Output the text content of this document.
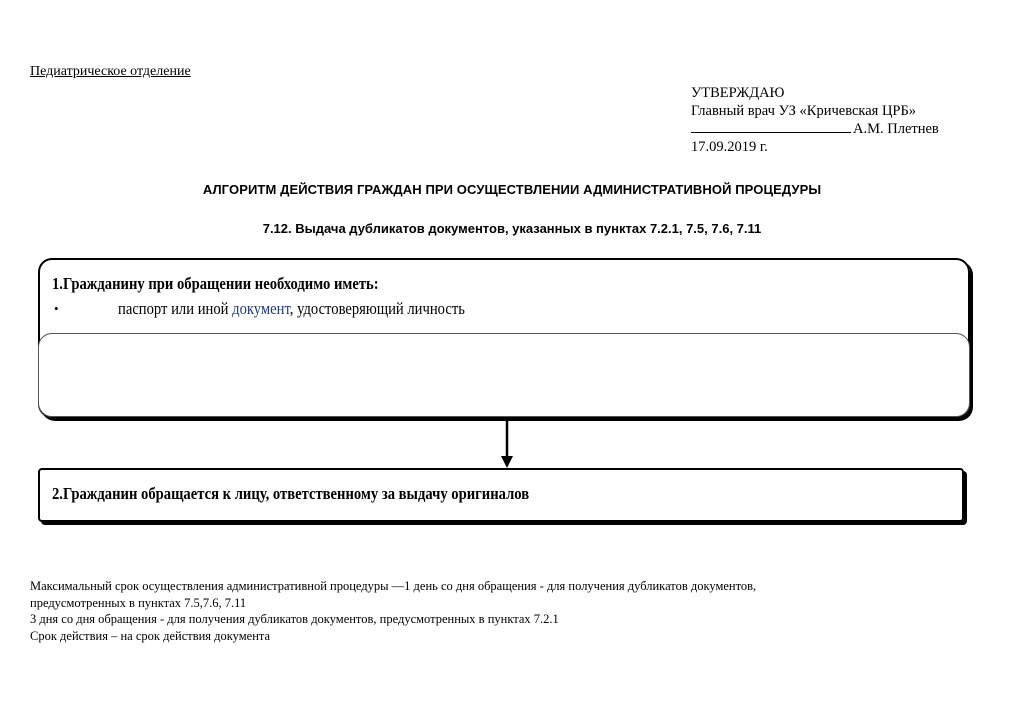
Педиатрическое отделение
УТВЕРЖДАЮ
Главный врач УЗ «Кричевская ЦРБ»
А.М. Плетнев
17.09.2019 г.
АЛГОРИТМ ДЕЙСТВИЯ ГРАЖДАН ПРИ ОСУЩЕСТВЛЕНИИ АДМИНИСТРАТИВНОЙ ПРОЦЕДУРЫ
7.12. Выдача дубликатов документов, указанных в пунктах 7.2.1, 7.5, 7.6, 7.11
1.Гражданину при обращении необходимо иметь:
•	паспорт или иной документ, удостоверяющий личность
2.Гражданин обращается к лицу, ответственному за выдачу оригиналов
Максимальный срок осуществления административной процедуры —1 день со дня обращения - для получения дубликатов документов,
предусмотренных в пунктах 7.5,7.6, 7.11
3 дня со дня обращения - для получения дубликатов документов, предусмотренных в пунктах 7.2.1
Срок действия – на срок действия документа
